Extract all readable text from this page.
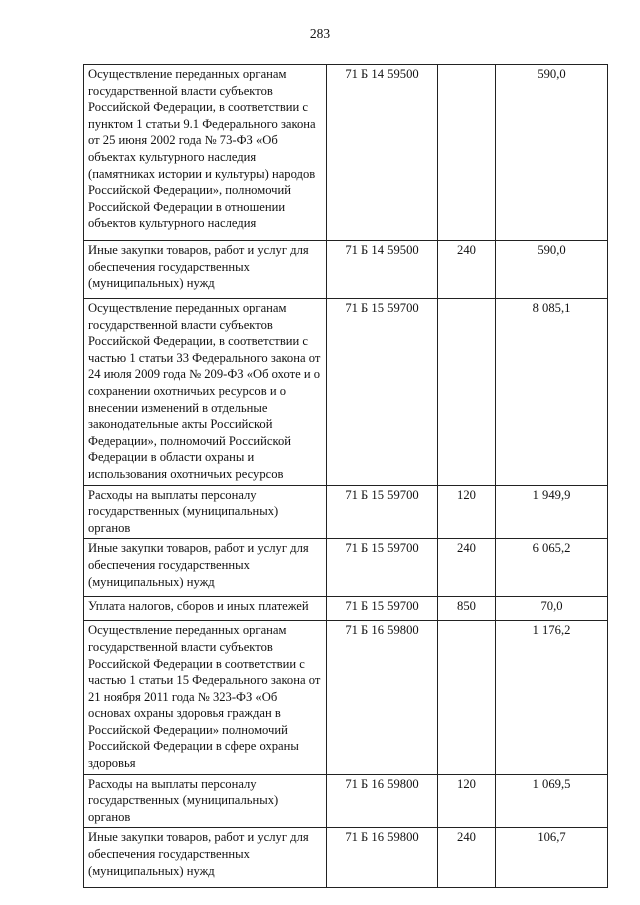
283
Осуществление переданных органам государственной власти субъектов Российской Федерации, в соответствии с пунктом 1 статьи 9.1 Федерального закона от 25 июня 2002 года № 73-ФЗ «Об объектах культурного наследия (памятниках истории и культуры) народов Российской Федерации», полномочий Российской Федерации в отношении объектов культурного наследия	71 Б 14 59500		590,0
Иные закупки товаров, работ и услуг для обеспечения государственных (муниципальных) нужд	71 Б 14 59500	240	590,0
Осуществление переданных органам государственной власти субъектов Российской Федерации, в соответствии с частью 1 статьи 33 Федерального закона от 24 июля 2009 года № 209-ФЗ «Об охоте и о сохранении охотничьих ресурсов и о внесении изменений в отдельные законодательные акты Российской Федерации», полномочий Российской Федерации в области охраны и использования охотничьих ресурсов	71 Б 15 59700		8 085,1
Расходы на выплаты персоналу государственных (муниципальных) органов	71 Б 15 59700	120	1 949,9
Иные закупки товаров, работ и услуг для обеспечения государственных (муниципальных) нужд	71 Б 15 59700	240	6 065,2
Уплата налогов, сборов и иных платежей	71 Б 15 59700	850	70,0
Осуществление переданных органам государственной власти субъектов Российской Федерации в соответствии с частью 1 статьи 15 Федерального закона от 21 ноября 2011 года № 323-ФЗ «Об основах охраны здоровья граждан в Российской Федерации» полномочий Российской Федерации в сфере охраны здоровья	71 Б 16 59800		1 176,2
Расходы на выплаты персоналу государственных (муниципальных) органов	71 Б 16 59800	120	1 069,5
Иные закупки товаров, работ и услуг для обеспечения государственных (муниципальных) нужд	71 Б 16 59800	240	106,7
